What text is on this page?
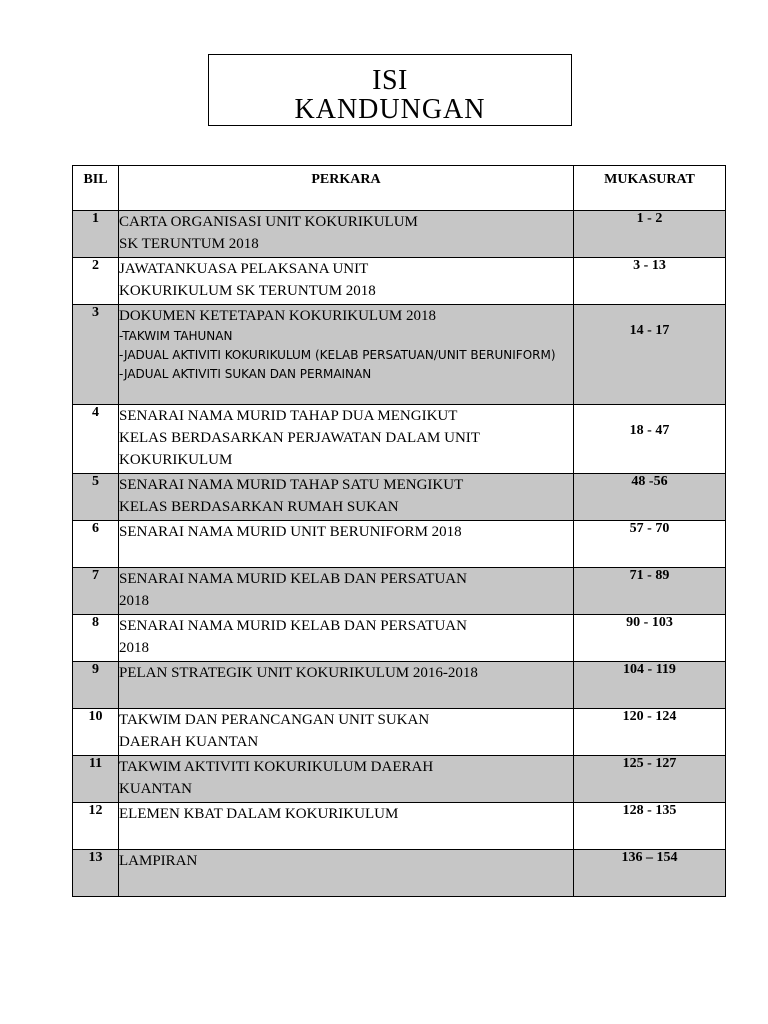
ISI
KANDUNGAN
BIL	PERKARA	MUKASURAT
1	CARTA ORGANISASI UNIT KOKURIKULUM
SK TERUNTUM 2018	1 - 2
2	JAWATANKUASA PELAKSANA UNIT
KOKURIKULUM SK TERUNTUM 2018	3 - 13
3	DOKUMEN KETETAPAN KOKURIKULUM 2018
-TAKWIM TAHUNAN
-JADUAL AKTIVITI KOKURIKULUM (KELAB PERSATUAN/UNIT BERUNIFORM)
-JADUAL AKTIVITI SUKAN DAN PERMAINAN	14 - 17
4	SENARAI NAMA MURID TAHAP DUA MENGIKUT
KELAS BERDASARKAN PERJAWATAN DALAM UNIT
KOKURIKULUM	18 - 47
5	SENARAI NAMA MURID TAHAP SATU MENGIKUT
KELAS BERDASARKAN RUMAH SUKAN	48 -56
6	SENARAI NAMA MURID UNIT BERUNIFORM 2018	57 - 70
7	SENARAI NAMA MURID KELAB DAN PERSATUAN
2018	71 - 89
8	SENARAI NAMA MURID KELAB DAN PERSATUAN
2018	90 - 103
9	PELAN STRATEGIK UNIT KOKURIKULUM 2016-2018	104 - 119
10	TAKWIM DAN PERANCANGAN UNIT SUKAN
DAERAH KUANTAN	120 - 124
11	TAKWIM AKTIVITI KOKURIKULUM DAERAH
KUANTAN	125 - 127
12	ELEMEN KBAT DALAM KOKURIKULUM	128 - 135
13	LAMPIRAN	136 – 154
